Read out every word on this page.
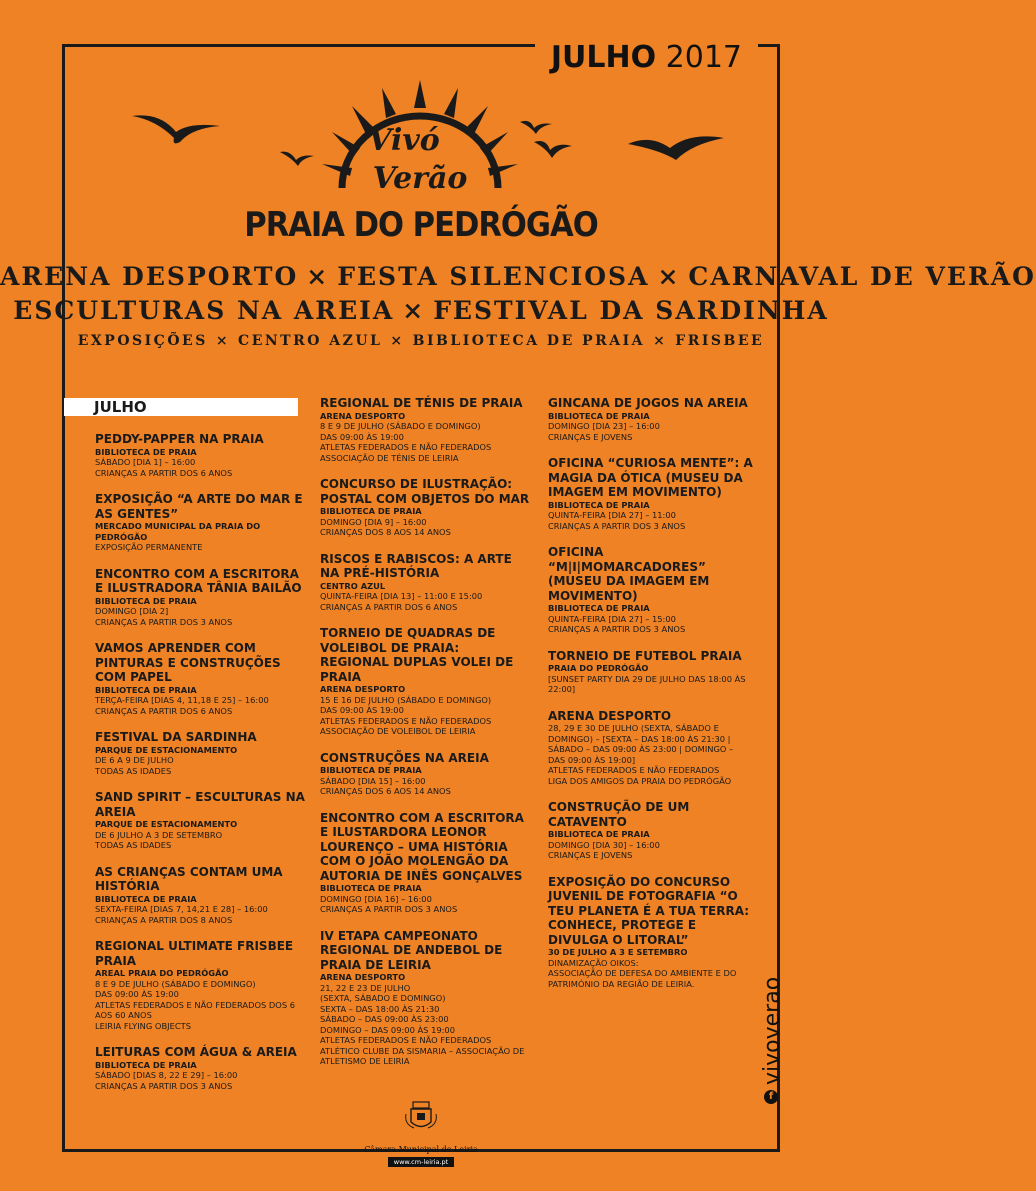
JULHO 2017
Vivó
Verão
PRAIA DO PEDRÓGÃO
ARENA DESPORTO × FESTA SILENCIOSA × CARNAVAL DE VERÃO
ESCULTURAS NA AREIA × FESTIVAL DA SARDINHA
EXPOSIÇÕES × CENTRO AZUL × BIBLIOTECA DE PRAIA × FRISBEE
JULHO
PEDDY-PAPPER NA PRAIA
BIBLIOTECA DE PRAIA
SÁBADO [DIA 1] – 16:00
CRIANÇAS A PARTIR DOS 6 ANOS
EXPOSIÇÃO “A ARTE DO MAR E AS GENTES”
MERCADO MUNICIPAL DA PRAIA DO PEDRÓGÃO
EXPOSIÇÃO PERMANENTE
ENCONTRO COM A ESCRITORA E ILUSTRADORA TÂNIA BAILÃO
BIBLIOTECA DE PRAIA
DOMINGO [DIA 2]
CRIANÇAS A PARTIR DOS 3 ANOS
VAMOS APRENDER COM PINTURAS E CONSTRUÇÕES COM PAPEL
BIBLIOTECA DE PRAIA
TERÇA-FEIRA [DIAS 4, 11,18 E 25] – 16:00
CRIANÇAS A PARTIR DOS 6 ANOS
FESTIVAL DA SARDINHA
PARQUE DE ESTACIONAMENTO
DE 6 A 9 DE JULHO
TODAS AS IDADES
SAND SPIRIT – ESCULTURAS NA AREIA
PARQUE DE ESTACIONAMENTO
DE 6 JULHO A 3 DE SETEMBRO
TODAS AS IDADES
AS CRIANÇAS CONTAM UMA HISTÓRIA
BIBLIOTECA DE PRAIA
SEXTA-FEIRA [DIAS 7, 14,21 E 28] – 16:00
CRIANÇAS A PARTIR DOS 8 ANOS
REGIONAL ULTIMATE FRISBEE PRAIA
AREAL PRAIA DO PEDRÓGÃO
8 E 9 DE JULHO (SÁBADO E DOMINGO)
DAS 09:00 ÀS 19:00
ATLETAS FEDERADOS E NÃO FEDERADOS DOS 6 AOS 60 ANOS
LEIRIA FLYING OBJECTS
LEITURAS COM ÁGUA & AREIA
BIBLIOTECA DE PRAIA
SÁBADO [DIAS 8, 22 E 29] – 16:00
CRIANÇAS A PARTIR DOS 3 ANOS
REGIONAL DE TÉNIS DE PRAIA
ARENA DESPORTO
8 E 9 DE JULHO (SÁBADO E DOMINGO)
DAS 09:00 ÀS 19:00
ATLETAS FEDERADOS E NÃO FEDERADOS
ASSOCIAÇÃO DE TÉNIS DE LEIRIA
CONCURSO DE ILUSTRAÇÃO: POSTAL COM OBJETOS DO MAR
BIBLIOTECA DE PRAIA
DOMINGO [DIA 9] – 16:00
CRIANÇAS DOS 8 AOS 14 ANOS
RISCOS E RABISCOS: A ARTE NA PRÉ-HISTÓRIA
CENTRO AZUL
QUINTA-FEIRA [DIA 13] – 11:00 E 15:00
CRIANÇAS A PARTIR DOS 6 ANOS
TORNEIO DE QUADRAS DE VOLEIBOL DE PRAIA: REGIONAL DUPLAS VOLEI DE PRAIA
ARENA DESPORTO
15 E 16 DE JULHO (SÁBADO E DOMINGO)
DAS 09:00 ÀS 19:00
ATLETAS FEDERADOS E NÃO FEDERADOS
ASSOCIAÇÃO DE VOLEIBOL DE LEIRIA
CONSTRUÇÕES NA AREIA
BIBLIOTECA DE PRAIA
SÁBADO [DIA 15] – 16:00
CRIANÇAS DOS 6 AOS 14 ANOS
ENCONTRO COM A ESCRITORA E ILUSTARDORA LEONOR LOURENÇO – UMA HISTÓRIA COM O JOÃO MOLENGÃO DA AUTORIA DE INÊS GONÇALVES
BIBLIOTECA DE PRAIA
DOMINGO [DIA 16] – 16:00
CRIANÇAS A PARTIR DOS 3 ANOS
IV ETAPA CAMPEONATO REGIONAL DE ANDEBOL DE PRAIA DE LEIRIA
ARENA DESPORTO
21, 22 E 23 DE JULHO
(SEXTA, SÁBADO E DOMINGO)
SEXTA – DAS 18:00 ÀS 21:30
SÁBADO – DAS 09:00 ÀS 23:00
DOMINGO – DAS 09:00 ÀS 19:00
ATLETAS FEDERADOS E NÃO FEDERADOS
ATLÉTICO CLUBE DA SISMARIA – ASSOCIAÇÃO DE ATLETISMO DE LEIRIA
GINCANA DE JOGOS NA AREIA
BIBLIOTECA DE PRAIA
DOMINGO [DIA 23] – 16:00
CRIANÇAS E JOVENS
OFICINA “CURIOSA MENTE”: A MAGIA DA ÓTICA (MUSEU DA IMAGEM EM MOVIMENTO)
BIBLIOTECA DE PRAIA
QUINTA-FEIRA [DIA 27] – 11:00
CRIANÇAS A PARTIR DOS 3 ANOS
OFICINA “M|I|MOMARCADORES” (MUSEU DA IMAGEM EM MOVIMENTO)
BIBLIOTECA DE PRAIA
QUINTA-FEIRA [DIA 27] – 15:00
CRIANÇAS A PARTIR DOS 3 ANOS
TORNEIO DE FUTEBOL PRAIA
PRAIA DO PEDRÓGÃO
[SUNSET PARTY DIA 29 DE JULHO DAS 18:00 ÀS 22:00]
ARENA DESPORTO
28, 29 E 30 DE JULHO (SEXTA, SÁBADO E DOMINGO) – [SEXTA – DAS 18:00 ÀS 21:30 | SÁBADO – DAS 09:00 ÀS 23:00 | DOMINGO – DAS 09:00 ÀS 19:00]
ATLETAS FEDERADOS E NÃO FEDERADOS
LIGA DOS AMIGOS DA PRAIA DO PEDRÓGÃO
CONSTRUÇÃO DE UM CATAVENTO
BIBLIOTECA DE PRAIA
DOMINGO [DIA 30] – 16:00
CRIANÇAS E JOVENS
EXPOSIÇÃO DO CONCURSO JUVENIL DE FOTOGRAFIA “O TEU PLANETA É A TUA TERRA: CONHECE, PROTEGE E DIVULGA O LITORAL”
30 DE JULHO A 3 E SETEMBRO
DINAMIZAÇÃO OIKOS:
ASSOCIAÇÃO DE DEFESA DO AMBIENTE E DO PATRIMÓNIO DA REGIÃO DE LEIRIA.
f
vivoverao
Câmara Municipal de Leiria
www.cm-leiria.pt
